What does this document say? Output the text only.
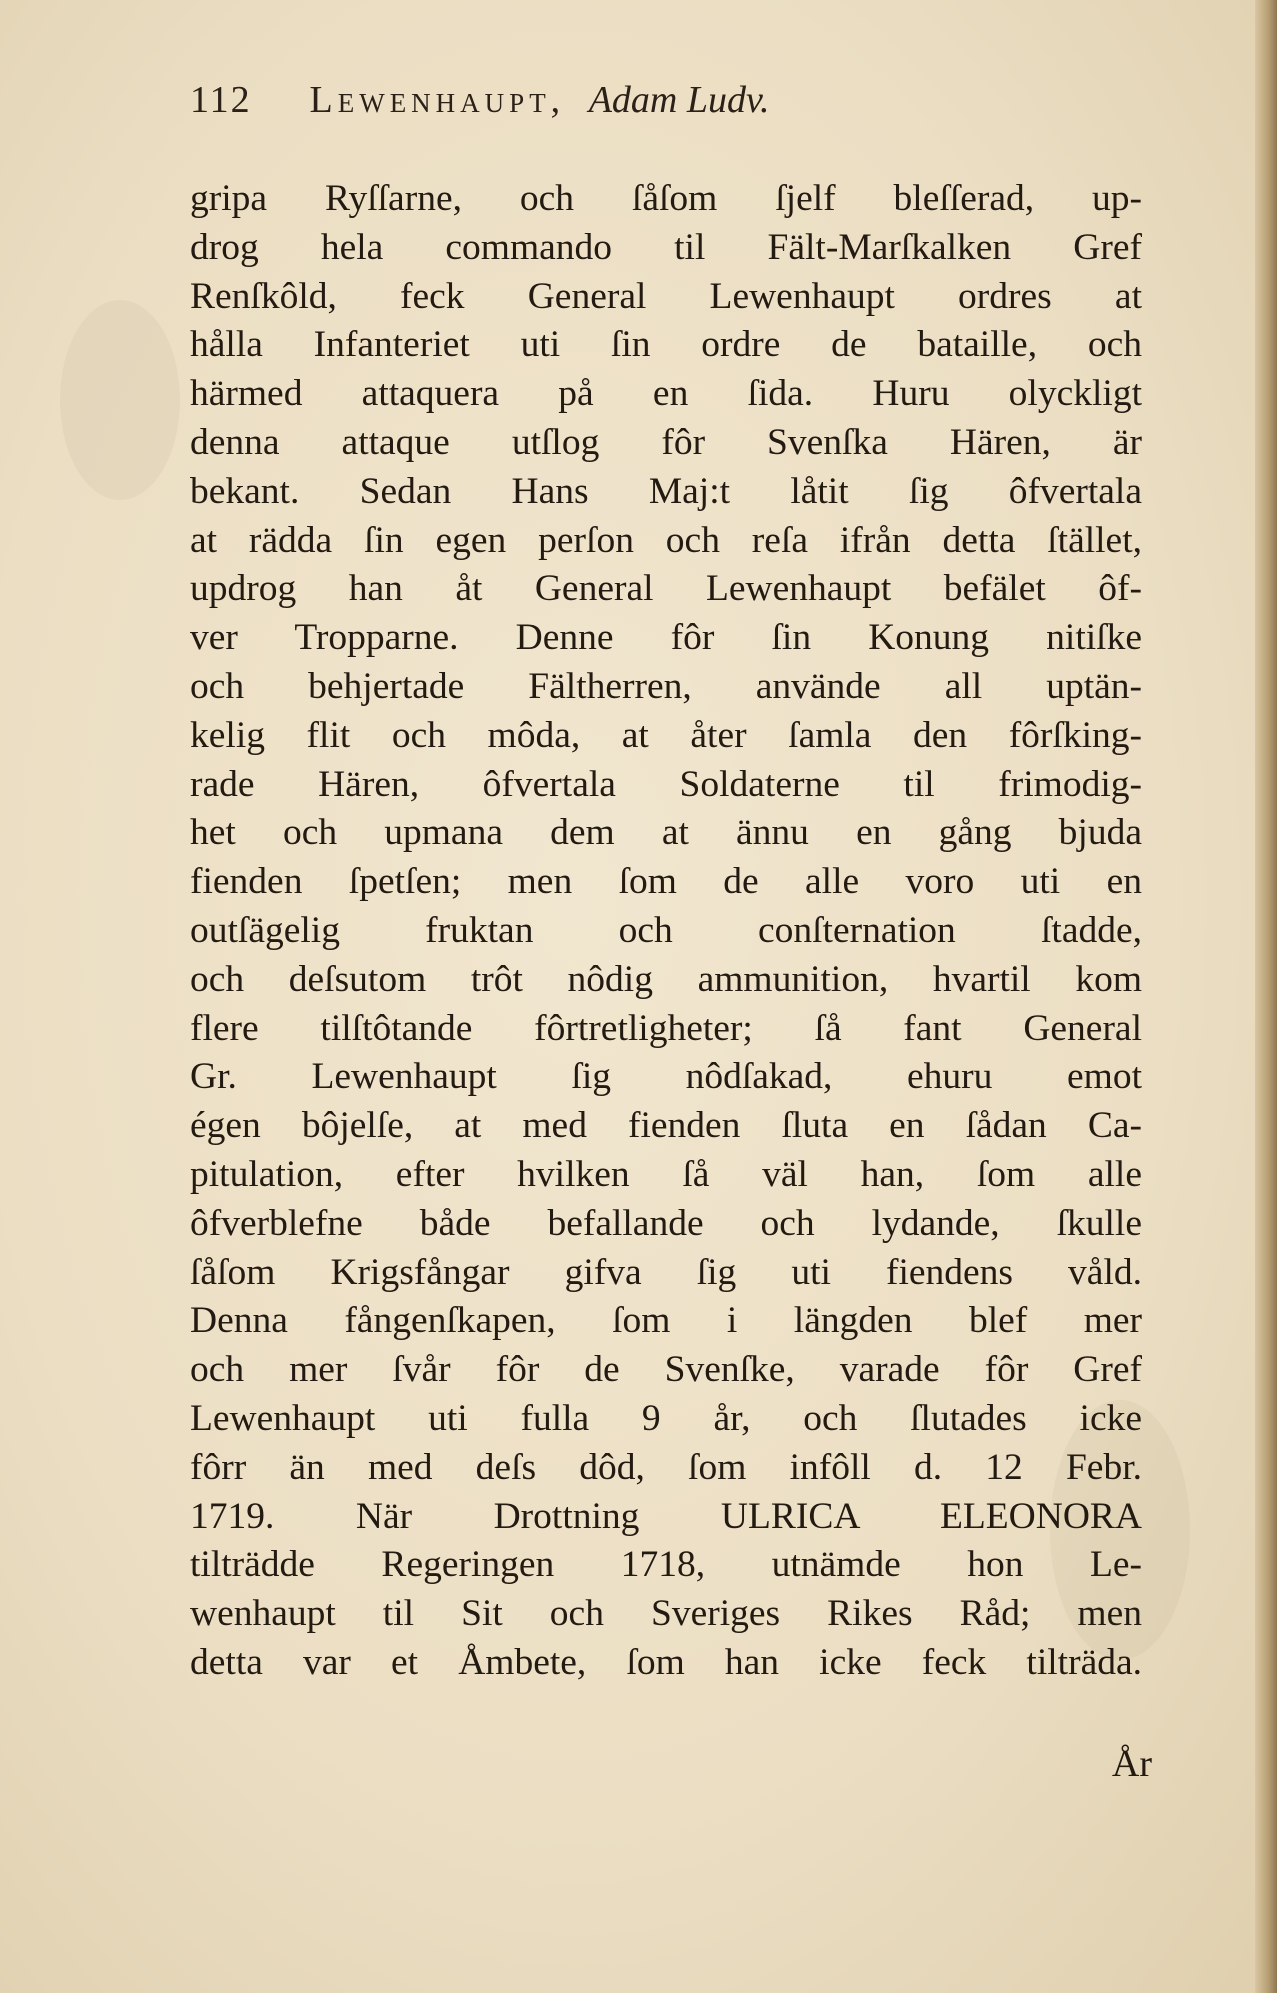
112 Lewenhaupt, Adam Ludv.
gripa Ryſſarne, och ſåſom ſjelf bleſſerad, up-
drog hela commando til Fält-Marſkalken Gref
Renſkôld, feck General Lewenhaupt ordres at
hålla Infanteriet uti ſin ordre de bataille, och
härmed attaquera på en ſida. Huru olyckligt
denna attaque utſlog fôr Svenſka Hären, är
bekant. Sedan Hans Maj:t låtit ſig ôfvertala
at rädda ſin egen perſon och reſa ifrån detta ſtället,
updrog han åt General Lewenhaupt befälet ôf-
ver Tropparne. Denne fôr ſin Konung nitiſke
och behjertade Fältherren, använde all uptän-
kelig flit och môda, at åter ſamla den fôrſking-
rade Hären, ôfvertala Soldaterne til frimodig-
het och upmana dem at ännu en gång bjuda
fienden ſpetſen; men ſom de alle voro uti en
outſägelig fruktan och conſternation ſtadde,
och deſsutom trôt nôdig ammunition, hvartil kom
flere tilſtôtande fôrtretligheter; ſå fant General
Gr. Lewenhaupt ſig nôdſakad, ehuru emot
égen bôjelſe, at med fienden ſluta en ſådan Ca-
pitulation, efter hvilken ſå väl han, ſom alle
ôfverblefne både befallande och lydande, ſkulle
ſåſom Krigsfångar gifva ſig uti fiendens våld.
Denna fångenſkapen, ſom i längden blef mer
och mer ſvår fôr de Svenſke, varade fôr Gref
Lewenhaupt uti fulla 9 år, och ſlutades icke
fôrr än med deſs dôd, ſom infôll d. 12 Febr.
1719. När Drottning ULRICA ELEONORA
tilträdde Regeringen 1718, utnämde hon Le-
wenhaupt til Sit och Sveriges Rikes Råd; men
detta var et Åmbete, ſom han icke feck tilträda.
År
